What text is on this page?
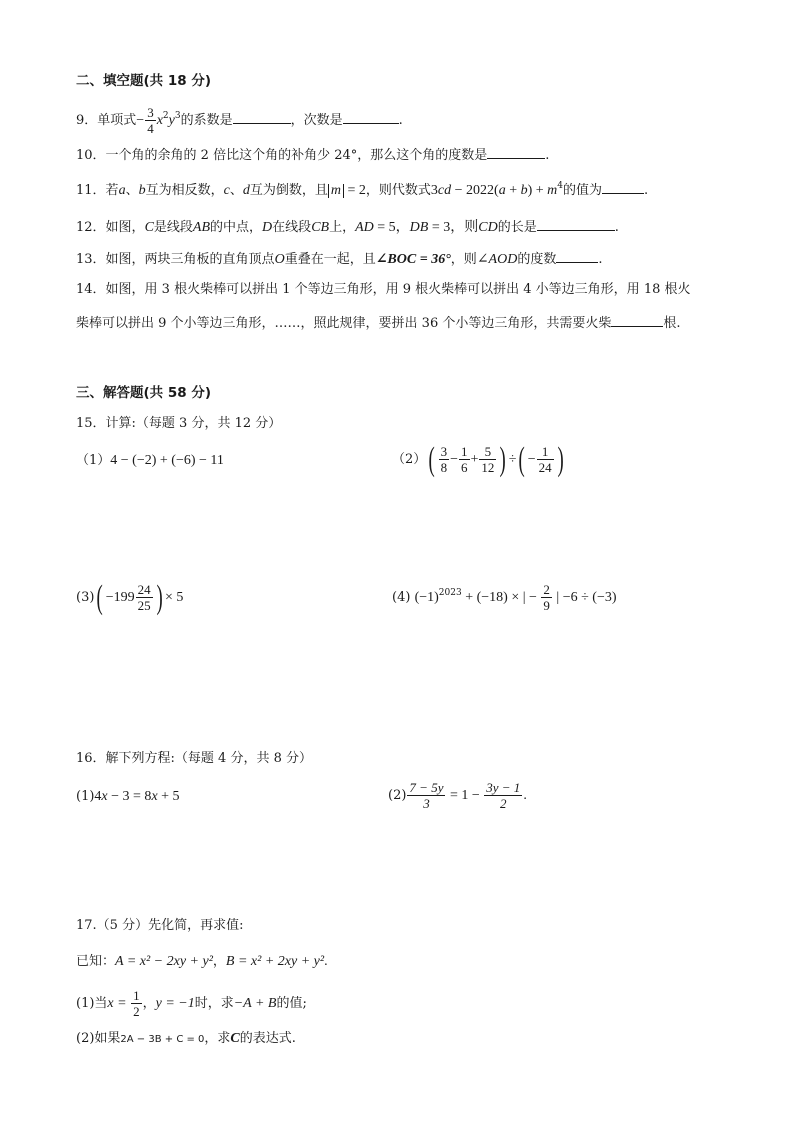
二、填空题(共 18 分)
9．单项式− $\frac{3}{4} x^2y^3$的系数是	，次数是	.
10．一个角的余角的 2 倍比这个角的补角少 24°，那么这个角的度数是	.
11．若a、b互为相反数，c、d互为倒数，且 m = 2，则代数式$3cd - 2022(a + b) + m^4$的值为	.
12．如图，C是线段AB的中点，D在线段CB上，AD = 5，DB = 3，则CD的长是	.
13．如图，两块三角板的直角顶点O重叠在一起，且∠BOC = 36°，则∠AOD的度数	.
14．如图，用 3 根火柴棒可以拼出 1 个等边三角形，用 9 根火柴棒可以拼出 4 小等边三角形，用 18 根火
柴棒可以拼出 9 个小等边三角形，……，照此规律，要拼出 36 个小等边三角形，共需要火柴	根.
三、解答题(共 58 分)
15．计算:（每题 3 分，共 12 分）
（1）4 − (−2) + (−6) − 11	$(2)( \frac{3}{8} - \frac{1}{6} + \frac{5}{12}$ ) ÷( − $\frac{1}{24}$ )
$(3)( -199 \frac{24}{25}$ ) × 5	(4) $(-1)^{2023} + (-18)$ × | − $\frac{2}{9}$ | −6 ÷ (−3)
16．解下列方程:（每题 4 分，共 8 分）
(1)4x − 3 = 8x + 5	$(2) \frac{7 - 5y}{3} = 1 - \frac{3y - 1}{2}$ .
17.（5 分）先化简，再求值:
已知：A = x² − 2xy + y²，B = x² + 2xy + y².
(1)当$x = \frac{1}{2}$ ，y = −1时，求−A + B的值;
(2)如果2A − 3B + C = 0，求C的表达式.
